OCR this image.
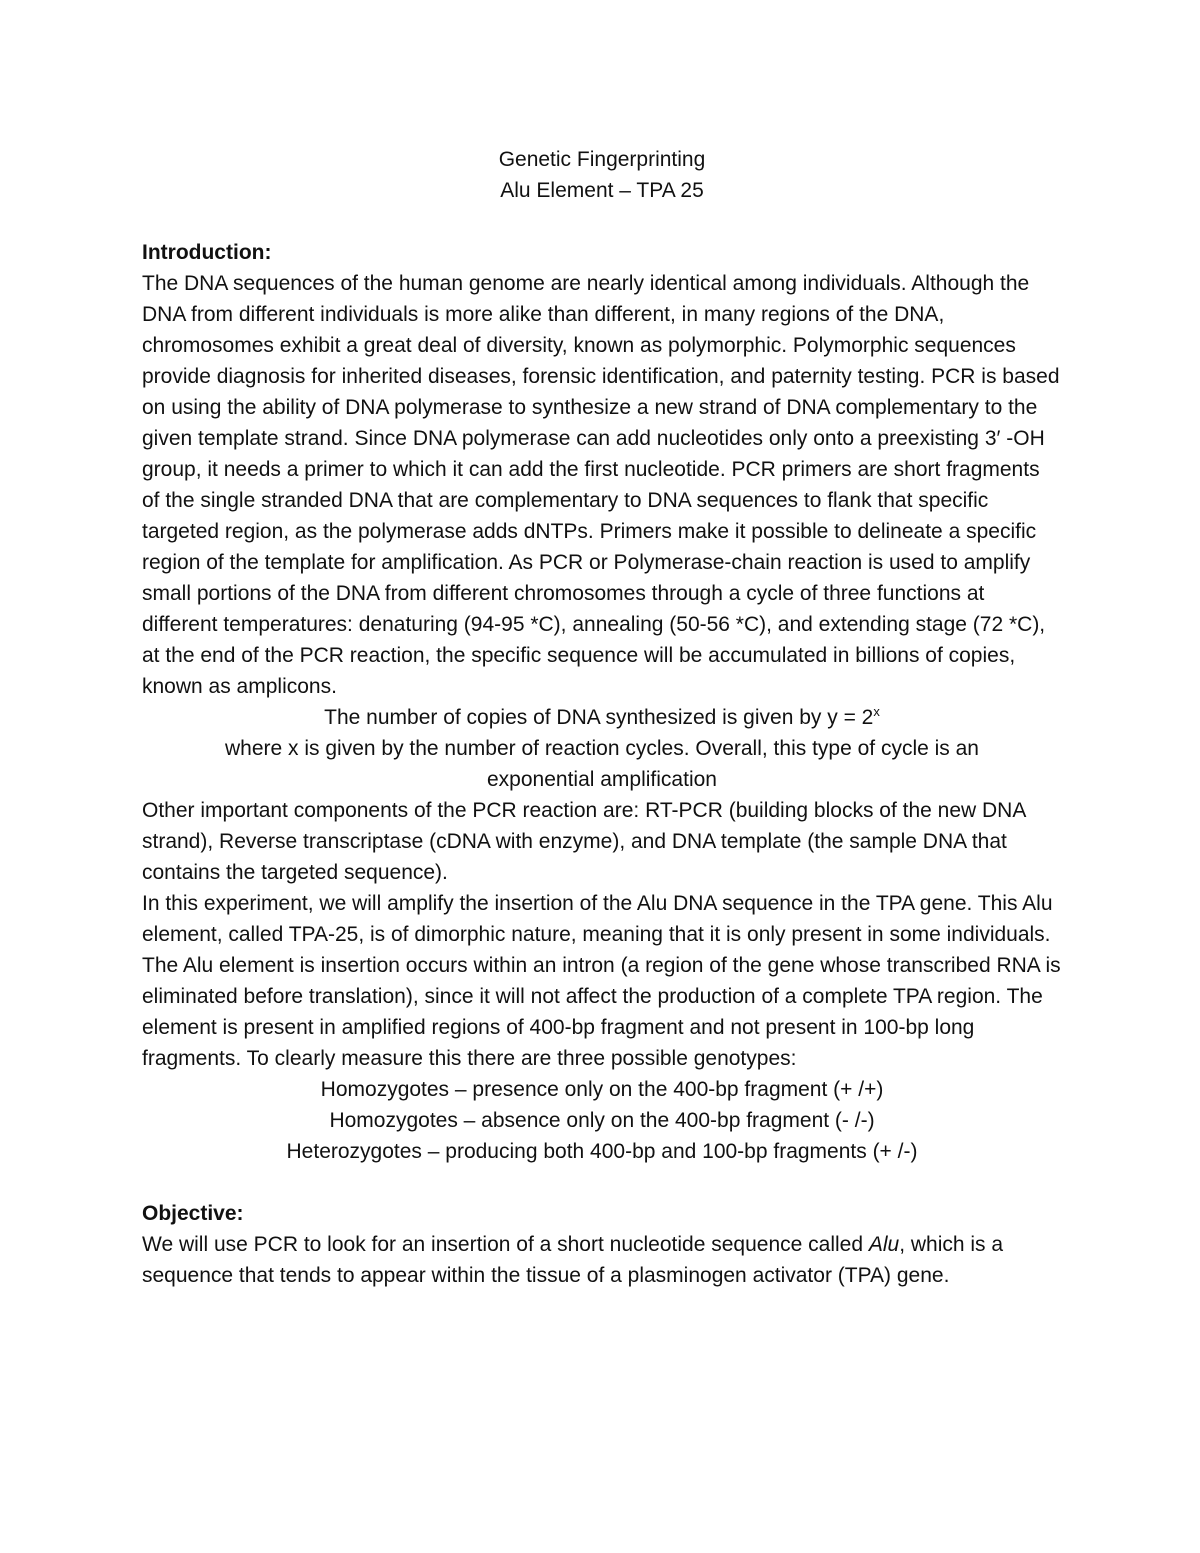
Genetic Fingerprinting
Alu Element – TPA 25
Introduction:

The DNA sequences of the human genome are nearly identical among individuals. Although the DNA from different individuals is more alike than different, in many regions of the DNA, chromosomes exhibit a great deal of diversity, known as polymorphic. Polymorphic sequences provide diagnosis for inherited diseases, forensic identification, and paternity testing. PCR is based on using the ability of DNA polymerase to synthesize a new strand of DNA complementary to the given template strand. Since DNA polymerase can add nucleotides only onto a preexisting 3′ -OH group, it needs a primer to which it can add the first nucleotide. PCR primers are short fragments of the single stranded DNA that are complementary to DNA sequences to flank that specific targeted region, as the polymerase adds dNTPs. Primers make it possible to delineate a specific region of the template for amplification. As PCR or Polymerase-chain reaction is used to amplify small portions of the DNA from different chromosomes through a cycle of three functions at different temperatures: denaturing (94-95 *C), annealing (50-56 *C), and extending stage (72 *C), at the end of the PCR reaction, the specific sequence will be accumulated in billions of copies, known as amplicons.

The number of copies of DNA synthesized is given by $y = 2^x$

where x is given by the number of reaction cycles. Overall, this type of cycle is an exponential amplification

Other important components of the PCR reaction are: RT-PCR (building blocks of the new DNA strand), Reverse transcriptase (cDNA with enzyme), and DNA template (the sample DNA that contains the targeted sequence).

In this experiment, we will amplify the insertion of the Alu DNA sequence in the TPA gene. This Alu element, called TPA-25, is of dimorphic nature, meaning that it is only present in some individuals. The Alu element is insertion occurs within an intron (a region of the gene whose transcribed RNA is eliminated before translation), since it will not affect the production of a complete TPA region. The element is present in amplified regions of 400-bp fragment and not present in 100-bp long fragments. To clearly measure this there are three possible genotypes:

Homozygotes – presence only on the 400-bp fragment (+ /+)
Homozygotes – absence only on the 400-bp fragment (- /-)
Heterozygotes – producing both 400-bp and 100-bp fragments (+ /-)
Objective:

We will use PCR to look for an insertion of a short nucleotide sequence called Alu, which is a sequence that tends to appear within the tissue of a plasminogen activator (TPA) gene.
